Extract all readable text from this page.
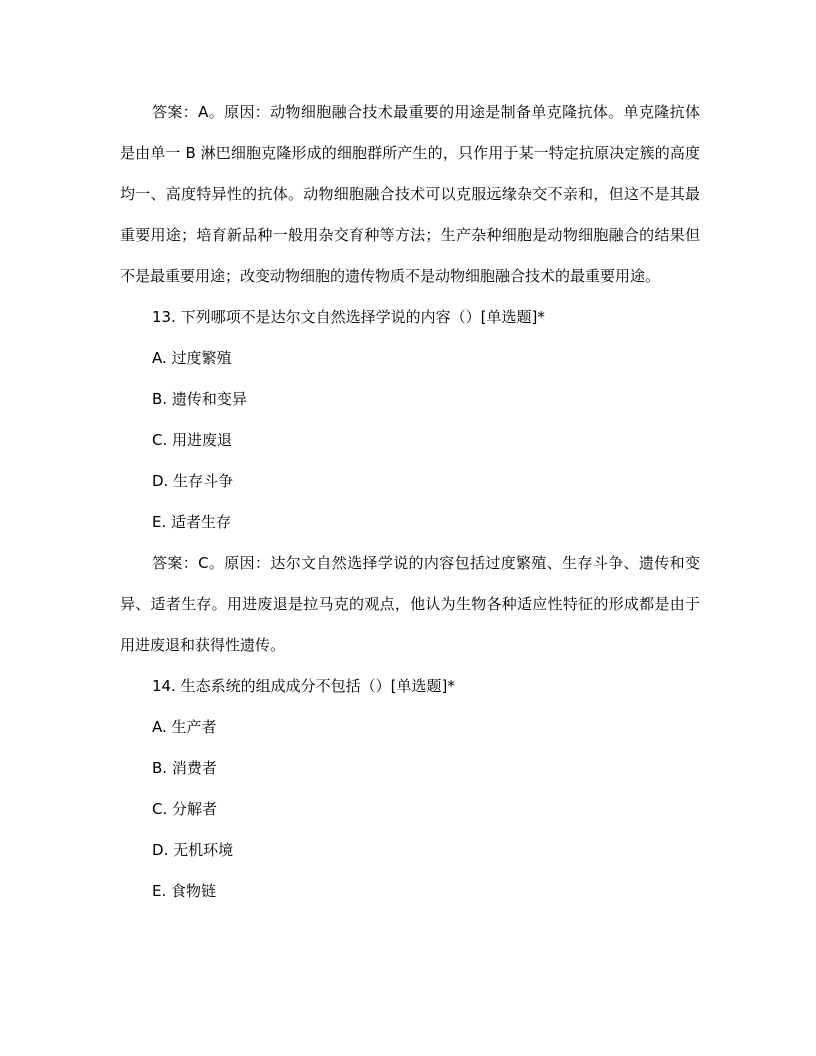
答案：A。原因：动物细胞融合技术最重要的用途是制备单克隆抗体。单克隆抗体是由单一 B 淋巴细胞克隆形成的细胞群所产生的，只作用于某一特定抗原决定簇的高度均一、高度特异性的抗体。动物细胞融合技术可以克服远缘杂交不亲和，但这不是其最重要用途；培育新品种一般用杂交育种等方法；生产杂种细胞是动物细胞融合的结果但不是最重要用途；改变动物细胞的遗传物质不是动物细胞融合技术的最重要用途。

13. 下列哪项不是达尔文自然选择学说的内容（）[单选题]*

A. 过度繁殖

B. 遗传和变异

C. 用进废退

D. 生存斗争

E. 适者生存

答案：C。原因：达尔文自然选择学说的内容包括过度繁殖、生存斗争、遗传和变异、适者生存。用进废退是拉马克的观点，他认为生物各种适应性特征的形成都是由于用进废退和获得性遗传。

14. 生态系统的组成成分不包括（）[单选题]*

A. 生产者

B. 消费者

C. 分解者

D. 无机环境

E. 食物链
